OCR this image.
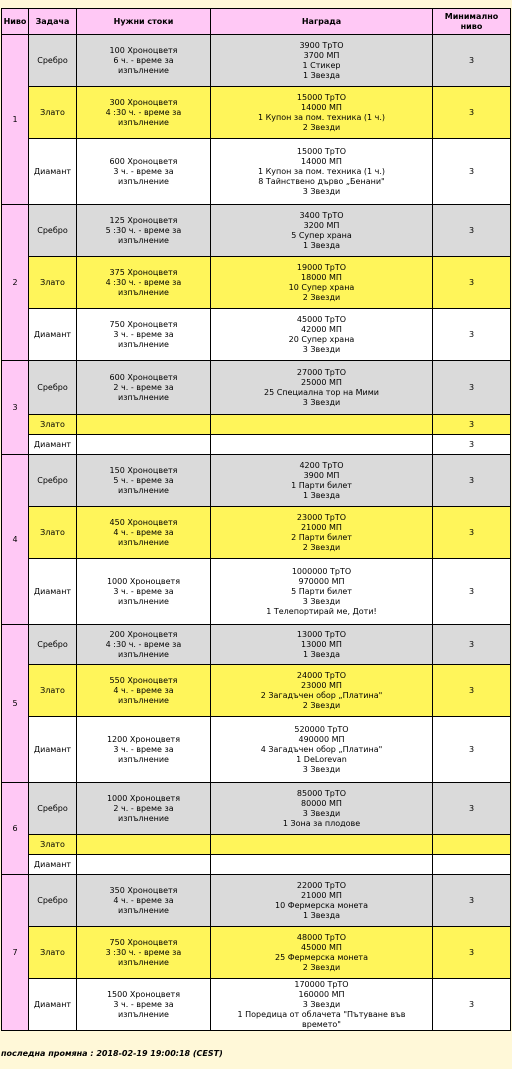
Ниво	Задача	Нужни стоки	Награда	Минимално ниво
1	Сребро	100 Хроноцветя
6 ч. - време за
изпълнение	3900 ТрТО
3700 МП
1 Стикер
1 Звезда	3
	Злато	300 Хроноцветя
4 :30 ч. - време за
изпълнение	15000 ТрТО
14000 МП
1 Купон за пом. техника (1 ч.)
2 Звезди	3
	Диамант	600 Хроноцветя
3 ч. - време за
изпълнение	15000 ТрТО
14000 МП
1 Купон за пом. техника (1 ч.)
8 Тайнствено дърво „Бенани"
3 Звезди	3
2	Сребро	125 Хроноцветя
5 :30 ч. - време за
изпълнение	3400 ТрТО
3200 МП
5 Супер храна
1 Звезда	3
	Злато	375 Хроноцветя
4 :30 ч. - време за
изпълнение	19000 ТрТО
18000 МП
10 Супер храна
2 Звезди	3
	Диамант	750 Хроноцветя
3 ч. - време за
изпълнение	45000 ТрТО
42000 МП
20 Супер храна
3 Звезди	3
3	Сребро	600 Хроноцветя
2 ч. - време за
изпълнение	27000 ТрТО
25000 МП
25 Специална тор на Мими
3 Звезди	3
	Злато			3
	Диамант			3
4	Сребро	150 Хроноцветя
5 ч. - време за
изпълнение	4200 ТрТО
3900 МП
1 Парти билет
1 Звезда	3
	Злато	450 Хроноцветя
4 ч. - време за
изпълнение	23000 ТрТО
21000 МП
2 Парти билет
2 Звезди	3
	Диамант	1000 Хроноцветя
3 ч. - време за
изпълнение	1000000 ТрТО
970000 МП
5 Парти билет
3 Звезди
1 Телепортирай ме, Доти!	3
5	Сребро	200 Хроноцветя
4 :30 ч. - време за
изпълнение	13000 ТрТО
13000 МП
1 Звезда	3
	Злато	550 Хроноцветя
4 ч. - време за
изпълнение	24000 ТрТО
23000 МП
2 Загадъчен обор „Платина"
2 Звезди	3
	Диамант	1200 Хроноцветя
3 ч. - време за
изпълнение	520000 ТрТО
490000 МП
4 Загадъчен обор „Платина"
1 DeLorevan
3 Звезди	3
6	Сребро	1000 Хроноцветя
2 ч. - време за
изпълнение	85000 ТрТО
80000 МП
3 Звезди
1 Зона за плодове	3
	Злато			
	Диамант			
7	Сребро	350 Хроноцветя
4 ч. - време за
изпълнение	22000 ТрТО
21000 МП
10 Фермерска монета
1 Звезда	3
	Злато	750 Хроноцветя
3 :30 ч. - време за
изпълнение	48000 ТрТО
45000 МП
25 Фермерска монета
2 Звезди	3
	Диамант	1500 Хроноцветя
3 ч. - време за
изпълнение	170000 ТрТО
160000 МП
3 Звезди
1 Поредица от облачета "Пътуване във
времето"	3
последна промяна : 2018-02-19 19:00:18 (CEST)
